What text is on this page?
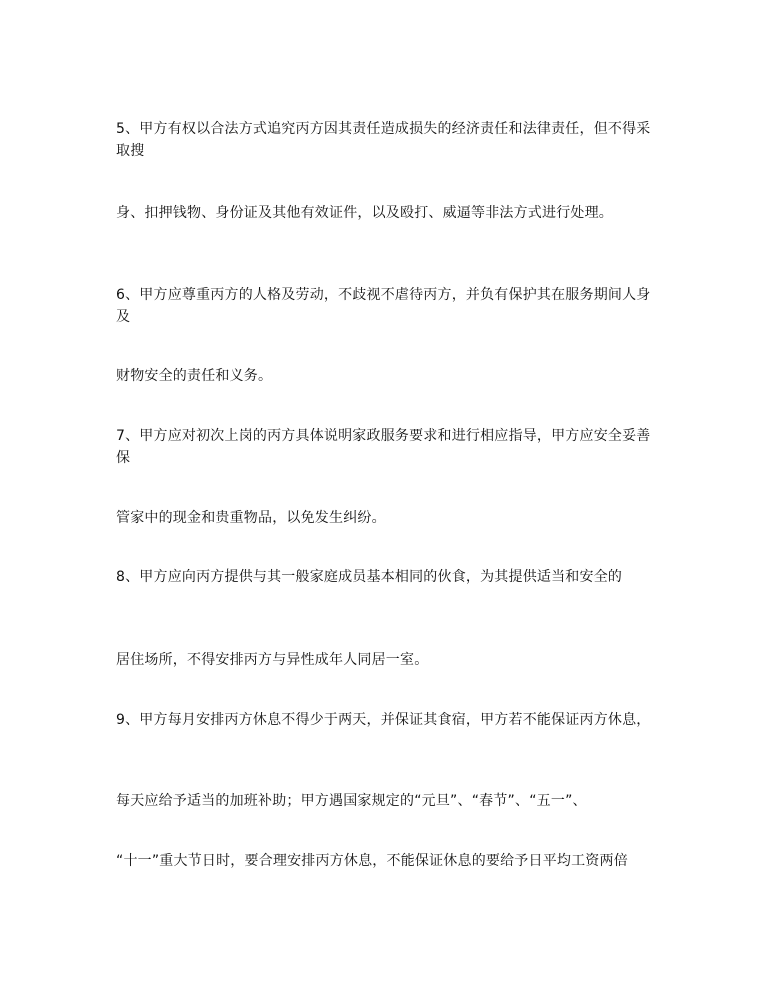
5、甲方有权以合法方式追究丙方因其责任造成损失的经济责任和法律责任，但不得采取搜

身、扣押钱物、身份证及其他有效证件，以及殴打、威逼等非法方式进行处理。

6、甲方应尊重丙方的人格及劳动，不歧视不虐待丙方，并负有保护其在服务期间人身及

财物安全的责任和义务。

7、甲方应对初次上岗的丙方具体说明家政服务要求和进行相应指导，甲方应安全妥善保

管家中的现金和贵重物品，以免发生纠纷。

8、甲方应向丙方提供与其一般家庭成员基本相同的伙食，为其提供适当和安全的

居住场所，不得安排丙方与异性成年人同居一室。

9、甲方每月安排丙方休息不得少于两天，并保证其食宿，甲方若不能保证丙方休息，

每天应给予适当的加班补助；甲方遇国家规定的“元旦”、“春节”、“五一”、

“十一”重大节日时，要合理安排丙方休息，不能保证休息的要给予日平均工资两倍
